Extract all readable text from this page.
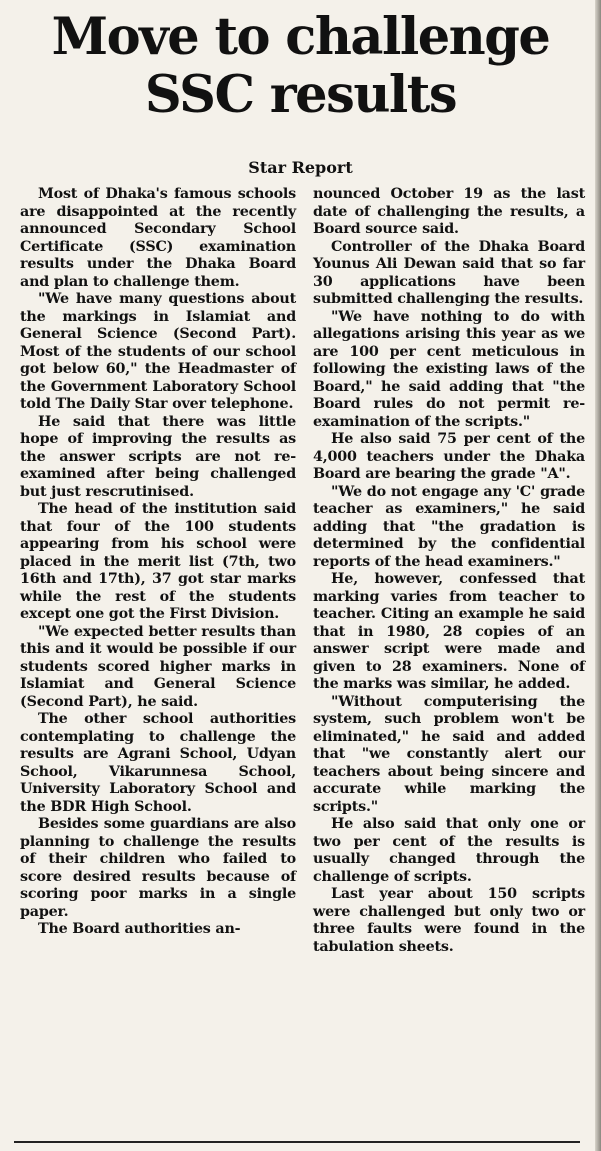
Move to challenge
SSC results
Star Report

Most of Dhaka's famous schools are disappointed at the recently announced Secondary School Certificate (SSC) examination results under the Dhaka Board and plan to challenge them.

"We have many questions about the markings in Islamiat and General Science (Second Part). Most of the students of our school got below 60," the Headmaster of the Government Laboratory School told The Daily Star over telephone.

He said that there was little hope of improving the results as the answer scripts are not re-examined after being challenged but just rescrutinised.

The head of the institution said that four of the 100 students appearing from his school were placed in the merit list (7th, two 16th and 17th), 37 got star marks while the rest of the students except one got the First Division.

"We expected better results than this and it would be possible if our students scored higher marks in Islamiat and General Science (Second Part), he said.

The other school authorities contemplating to challenge the results are Agrani School, Udyan School, Vikarunnesa School, University Laboratory School and the BDR High School.

Besides some guardians are also planning to challenge the results of their children who failed to score desired results because of scoring poor marks in a single paper.

The Board authorities an-

nounced October 19 as the last date of challenging the results, a Board source said.

Controller of the Dhaka Board Younus Ali Dewan said that so far 30 applications have been submitted challenging the results.

"We have nothing to do with allegations arising this year as we are 100 per cent meticulous in following the existing laws of the Board," he said adding that "the Board rules do not permit re-examination of the scripts."

He also said 75 per cent of the 4,000 teachers under the Dhaka Board are bearing the grade "A".

"We do not engage any 'C' grade teacher as examiners," he said adding that "the gradation is determined by the confidential reports of the head examiners."

He, however, confessed that marking varies from teacher to teacher. Citing an example he said that in 1980, 28 copies of an answer script were made and given to 28 examiners. None of the marks was similar, he added.

"Without computerising the system, such problem won't be eliminated," he said and added that "we constantly alert our teachers about being sincere and accurate while marking the scripts."

He also said that only one or two per cent of the results is usually changed through the challenge of scripts.

Last year about 150 scripts were challenged but only two or three faults were found in the tabulation sheets.
